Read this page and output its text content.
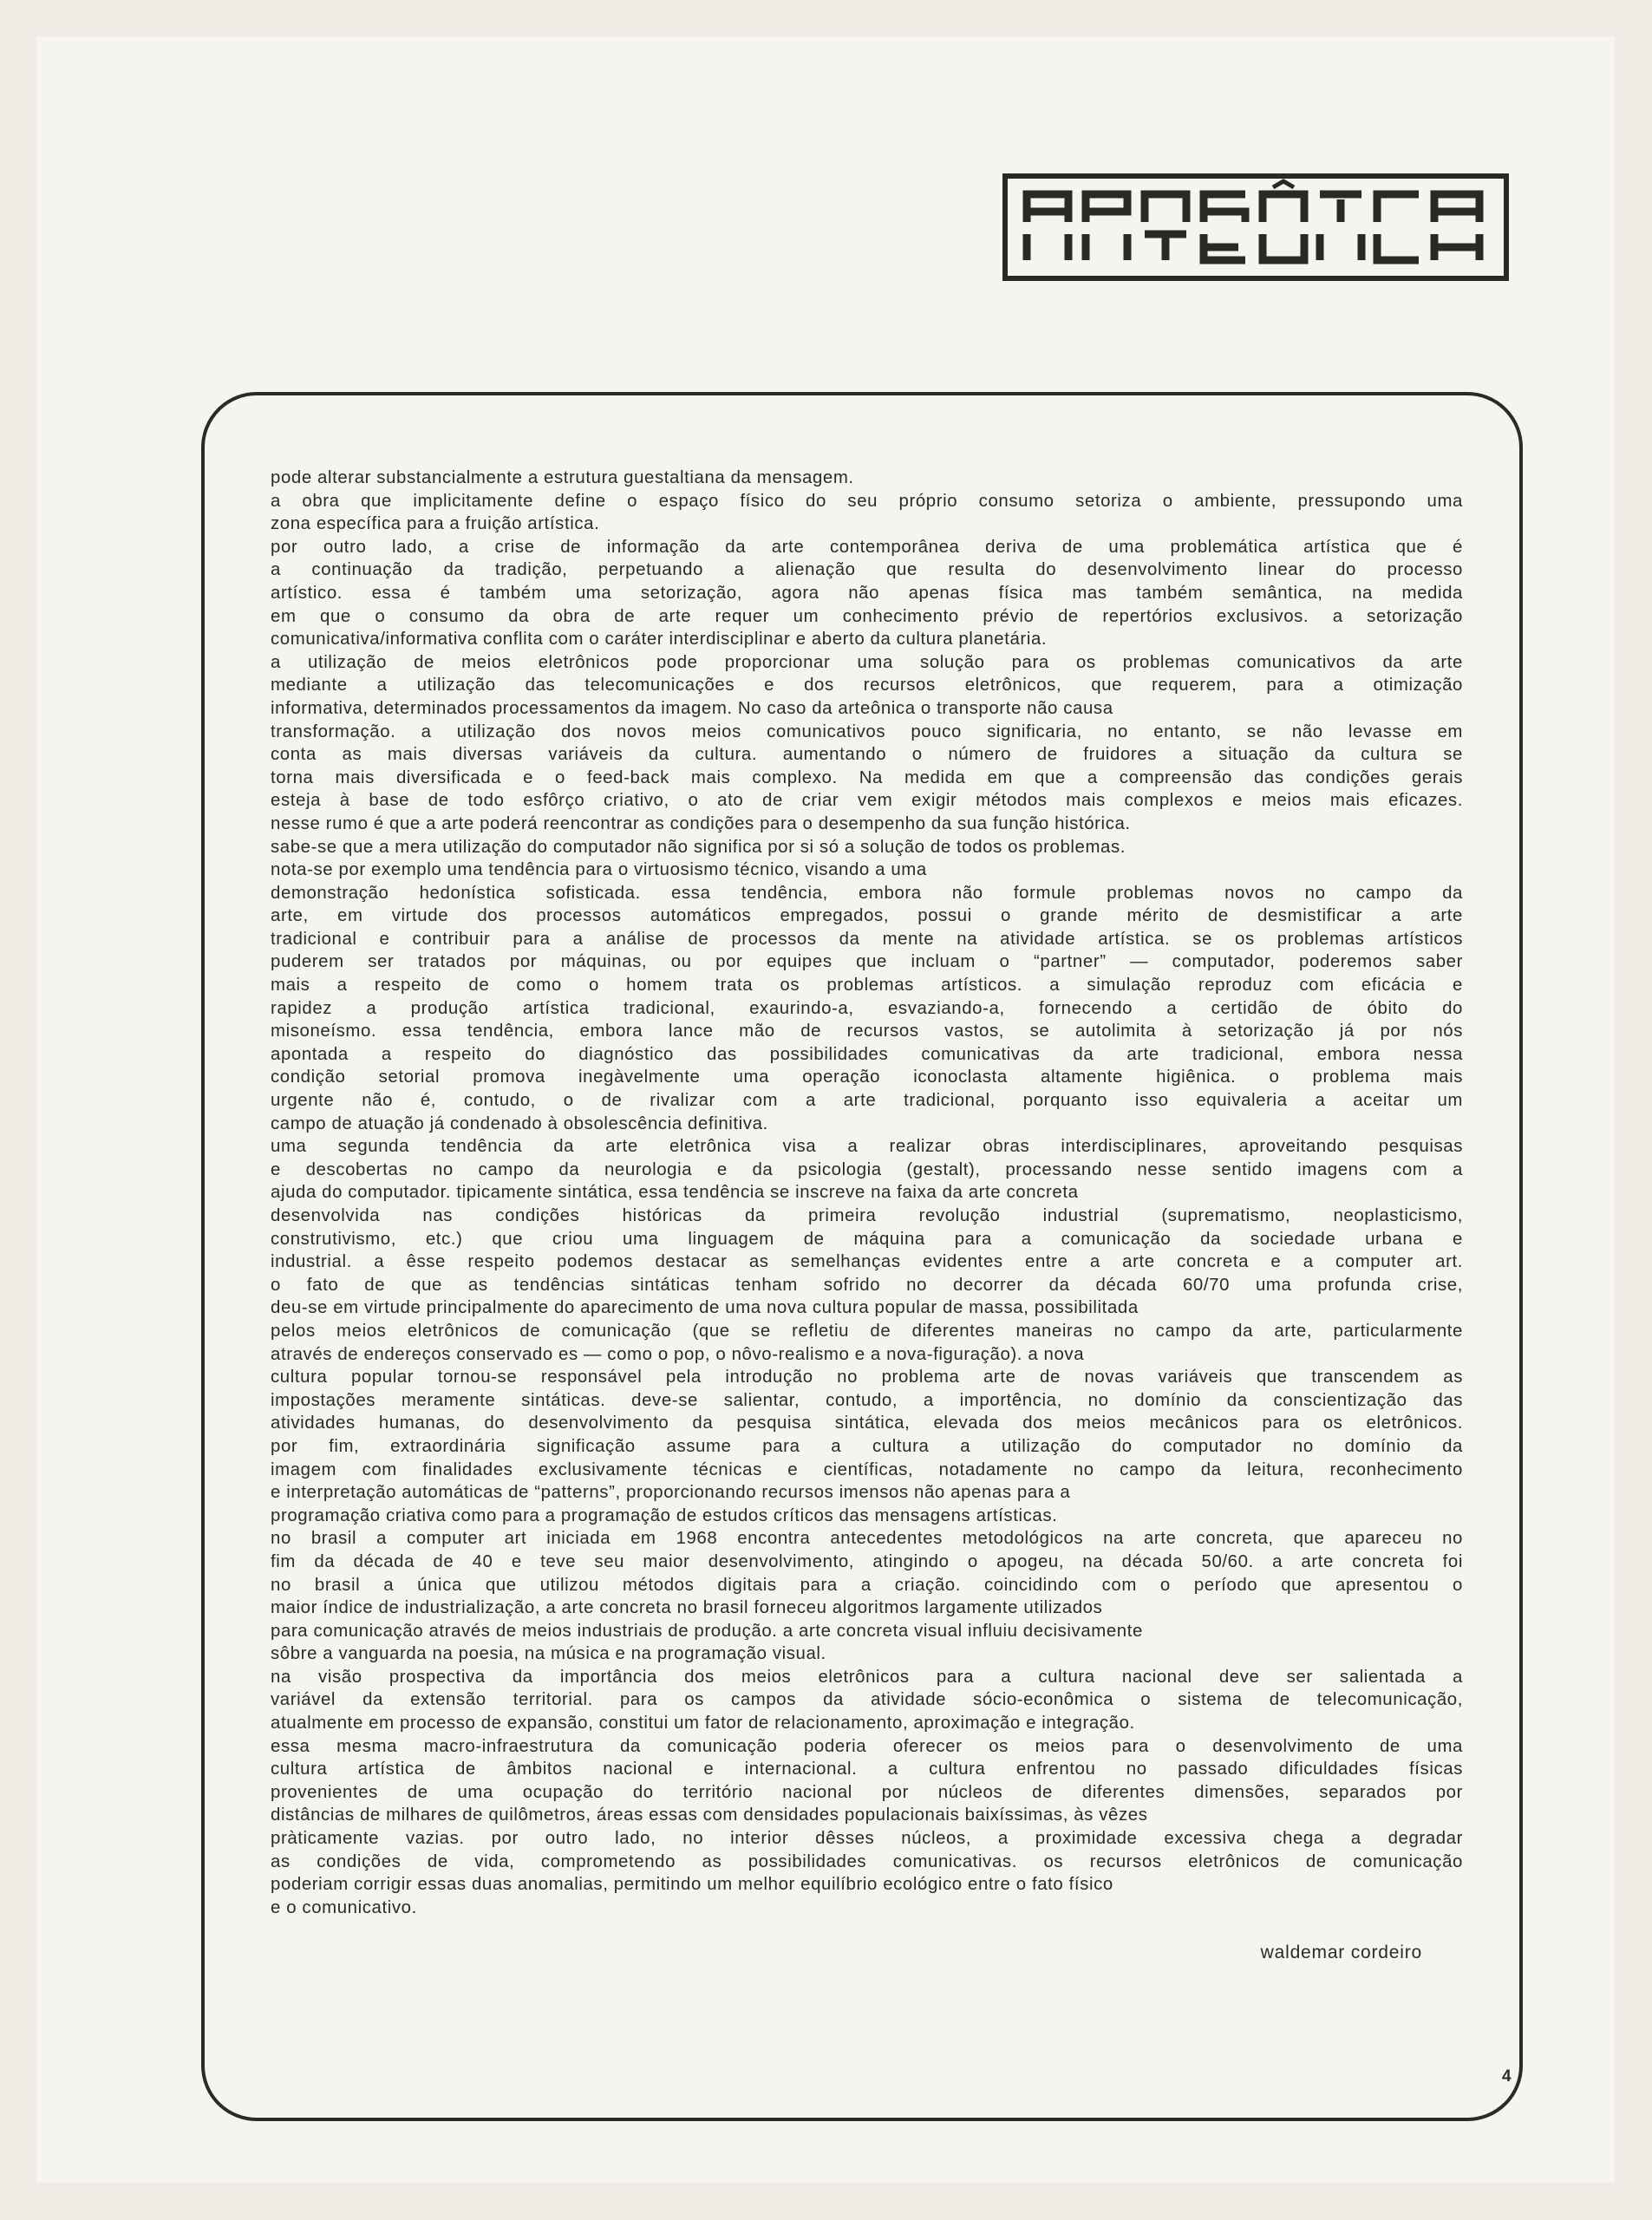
pode alterar substancialmente a estrutura guestaltiana da mensagem.

a obra que implicitamente define o espaço físico do seu próprio consumo setoriza o ambiente, pressupondo uma

zona específica para a fruição artística.

por outro lado, a crise de informação da arte contemporânea deriva de uma problemática artística que é

a continuação da tradição, perpetuando a alienação que resulta do desenvolvimento linear do processo

artístico. essa é também uma setorização, agora não apenas física mas também semântica, na medida

em que o consumo da obra de arte requer um conhecimento prévio de repertórios exclusivos. a setorização

comunicativa/informativa conflita com o caráter interdisciplinar e aberto da cultura planetária.

a utilização de meios eletrônicos pode proporcionar uma solução para os problemas comunicativos da arte

mediante a utilização das telecomunicações e dos recursos eletrônicos, que requerem, para a otimização

informativa, determinados processamentos da imagem. No caso da arteônica o transporte não causa

transformação. a utilização dos novos meios comunicativos pouco significaria, no entanto, se não levasse em

conta as mais diversas variáveis da cultura. aumentando o número de fruidores a situação da cultura se

torna mais diversificada e o feed-back mais complexo. Na medida em que a compreensão das condições gerais

esteja à base de todo esfôrço criativo, o ato de criar vem exigir métodos mais complexos e meios mais eficazes.

nesse rumo é que a arte poderá reencontrar as condições para o desempenho da sua função histórica.

sabe-se que a mera utilização do computador não significa por si só a solução de todos os problemas.

nota-se por exemplo uma tendência para o virtuosismo técnico, visando a uma

demonstração hedonística sofisticada. essa tendência, embora não formule problemas novos no campo da

arte, em virtude dos processos automáticos empregados, possui o grande mérito de desmistificar a arte

tradicional e contribuir para a análise de processos da mente na atividade artística. se os problemas artísticos

puderem ser tratados por máquinas, ou por equipes que incluam o “partner” — computador, poderemos saber

mais a respeito de como o homem trata os problemas artísticos. a simulação reproduz com eficácia e

rapidez a produção artística tradicional, exaurindo-a, esvaziando-a, fornecendo a certidão de óbito do

misoneísmo. essa tendência, embora lance mão de recursos vastos, se autolimita à setorização já por nós

apontada a respeito do diagnóstico das possibilidades comunicativas da arte tradicional, embora nessa

condição setorial promova inegàvelmente uma operação iconoclasta altamente higiênica. o problema mais

urgente não é, contudo, o de rivalizar com a arte tradicional, porquanto isso equivaleria a aceitar um

campo de atuação já condenado à obsolescência definitiva.

uma segunda tendência da arte eletrônica visa a realizar obras interdisciplinares, aproveitando pesquisas

e descobertas no campo da neurologia e da psicologia (gestalt), processando nesse sentido imagens com a

ajuda do computador. tipicamente sintática, essa tendência se inscreve na faixa da arte concreta

desenvolvida nas condições históricas da primeira revolução industrial (suprematismo, neoplasticismo,

construtivismo, etc.) que criou uma linguagem de máquina para a comunicação da sociedade urbana e

industrial. a êsse respeito podemos destacar as semelhanças evidentes entre a arte concreta e a computer art.

o fato de que as tendências sintáticas tenham sofrido no decorrer da década 60/70 uma profunda crise,

deu-se em virtude principalmente do aparecimento de uma nova cultura popular de massa, possibilitada

pelos meios eletrônicos de comunicação (que se refletiu de diferentes maneiras no campo da arte, particularmente

através de endereços conservado es — como o pop, o nôvo-realismo e a nova-figuração). a nova

cultura popular tornou-se responsável pela introdução no problema arte de novas variáveis que transcendem as

impostações meramente sintáticas. deve-se salientar, contudo, a importência, no domínio da conscientização das

atividades humanas, do desenvolvimento da pesquisa sintática, elevada dos meios mecânicos para os eletrônicos.

por fim, extraordinária significação assume para a cultura a utilização do computador no domínio da

imagem com finalidades exclusivamente técnicas e científicas, notadamente no campo da leitura, reconhecimento

e interpretação automáticas de “patterns”, proporcionando recursos imensos não apenas para a

programação criativa como para a programação de estudos críticos das mensagens artísticas.

no brasil a computer art iniciada em 1968 encontra antecedentes metodológicos na arte concreta, que apareceu no

fim da década de 40 e teve seu maior desenvolvimento, atingindo o apogeu, na década 50/60. a arte concreta foi

no brasil a única que utilizou métodos digitais para a criação. coincidindo com o período que apresentou o

maior índice de industrialização, a arte concreta no brasil forneceu algoritmos largamente utilizados

para comunicação através de meios industriais de produção. a arte concreta visual influiu decisivamente

sôbre a vanguarda na poesia, na música e na programação visual.

na visão prospectiva da importância dos meios eletrônicos para a cultura nacional deve ser salientada a

variável da extensão territorial. para os campos da atividade sócio-econômica o sistema de telecomunicação,

atualmente em processo de expansão, constitui um fator de relacionamento, aproximação e integração.

essa mesma macro-infraestrutura da comunicação poderia oferecer os meios para o desenvolvimento de uma

cultura artística de âmbitos nacional e internacional. a cultura enfrentou no passado dificuldades físicas

provenientes de uma ocupação do território nacional por núcleos de diferentes dimensões, separados por

distâncias de milhares de quilômetros, áreas essas com densidades populacionais baixíssimas, às vêzes

pràticamente vazias. por outro lado, no interior dêsses núcleos, a proximidade excessiva chega a degradar

as condições de vida, comprometendo as possibilidades comunicativas. os recursos eletrônicos de comunicação

poderiam corrigir essas duas anomalias, permitindo um melhor equilíbrio ecológico entre o fato físico

e o comunicativo.

waldemar cordeiro
4
